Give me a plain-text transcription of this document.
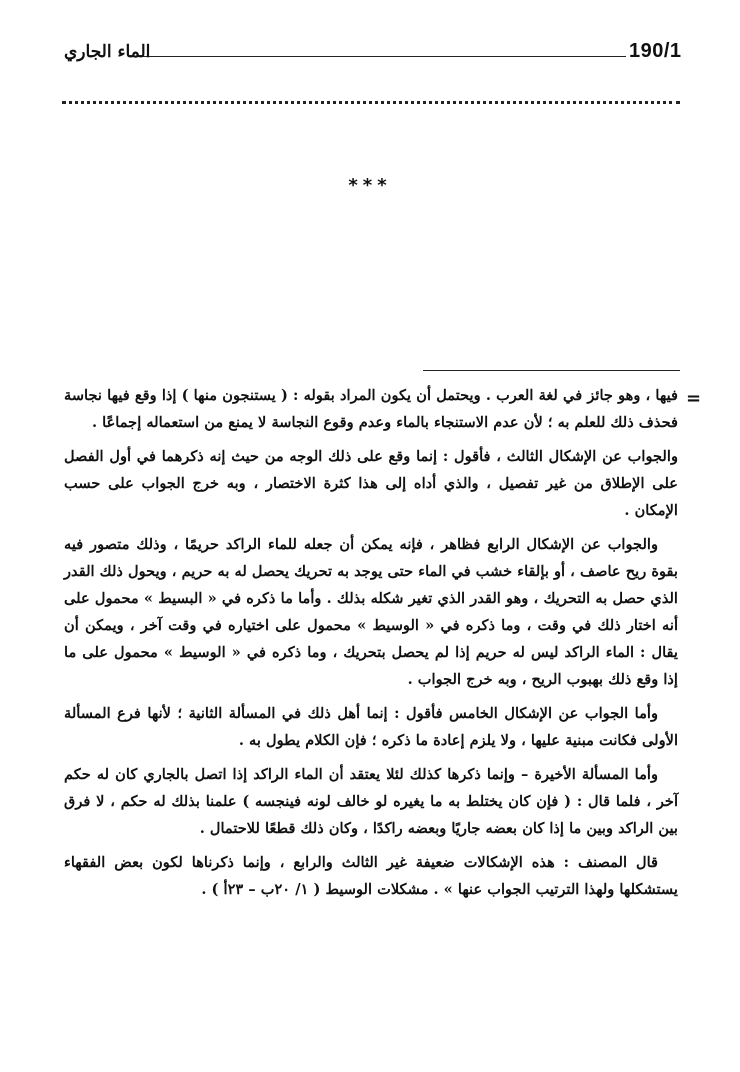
190/1
الماء الجاري
***
=

فيها ، وهو جائز في لغة العرب . ويحتمل أن يكون المراد بقوله : ( يستنجون منها ) إذا وقع فيها نجاسة فحذف ذلك للعلم به ؛ لأن عدم الاستنجاء بالماء وعدم وقوع النجاسة لا يمنع من استعماله إجماعًا .

والجواب عن الإشكال الثالث ، فأقول : إنما وقع على ذلك الوجه من حيث إنه ذكرهما في أول الفصل على الإطلاق من غير تفصيل ، والذي أداه إلى هذا كثرة الاختصار ، وبه خرج الجواب على حسب الإمكان .

والجواب عن الإشكال الرابع فظاهر ، فإنه يمكن أن جعله للماء الراكد حريمًا ، وذلك متصور فيه بقوة ريح عاصف ، أو بإلقاء خشب في الماء حتى يوجد به تحريك يحصل له به حريم ، ويحول ذلك القدر الذي حصل به التحريك ، وهو القدر الذي تغير شكله بذلك . وأما ما ذكره في « البسيط » محمول على أنه اختار ذلك في وقت ، وما ذكره في « الوسيط » محمول على اختياره في وقت آخر ، ويمكن أن يقال : الماء الراكد ليس له حريم إذا لم يحصل بتحريك ، وما ذكره في « الوسيط » محمول على ما إذا وقع ذلك بهبوب الريح ، وبه خرج الجواب .

وأما الجواب عن الإشكال الخامس فأقول : إنما أهل ذلك في المسألة الثانية ؛ لأنها فرع المسألة الأولى فكانت مبنية عليها ، ولا يلزم إعادة ما ذكره ؛ فإن الكلام يطول به .

وأما المسألة الأخيرة – وإنما ذكرها كذلك لئلا يعتقد أن الماء الراكد إذا اتصل بالجاري كان له حكم آخر ، فلما قال : ( فإن كان يختلط به ما يغيره لو خالف لونه فينجسه ) علمنا بذلك له حكم ، لا فرق بين الراكد وبين ما إذا كان بعضه جاريًا وبعضه راكدًا ، وكان ذلك قطعًا للاحتمال .

قال المصنف : هذه الإشكالات ضعيفة غير الثالث والرابع ، وإنما ذكرناها لكون بعض الفقهاء يستشكلها ولهذا الترتيب الجواب عنها » . مشكلات الوسيط ( ١/ ٢٠ب – ٢٣أ ) .
